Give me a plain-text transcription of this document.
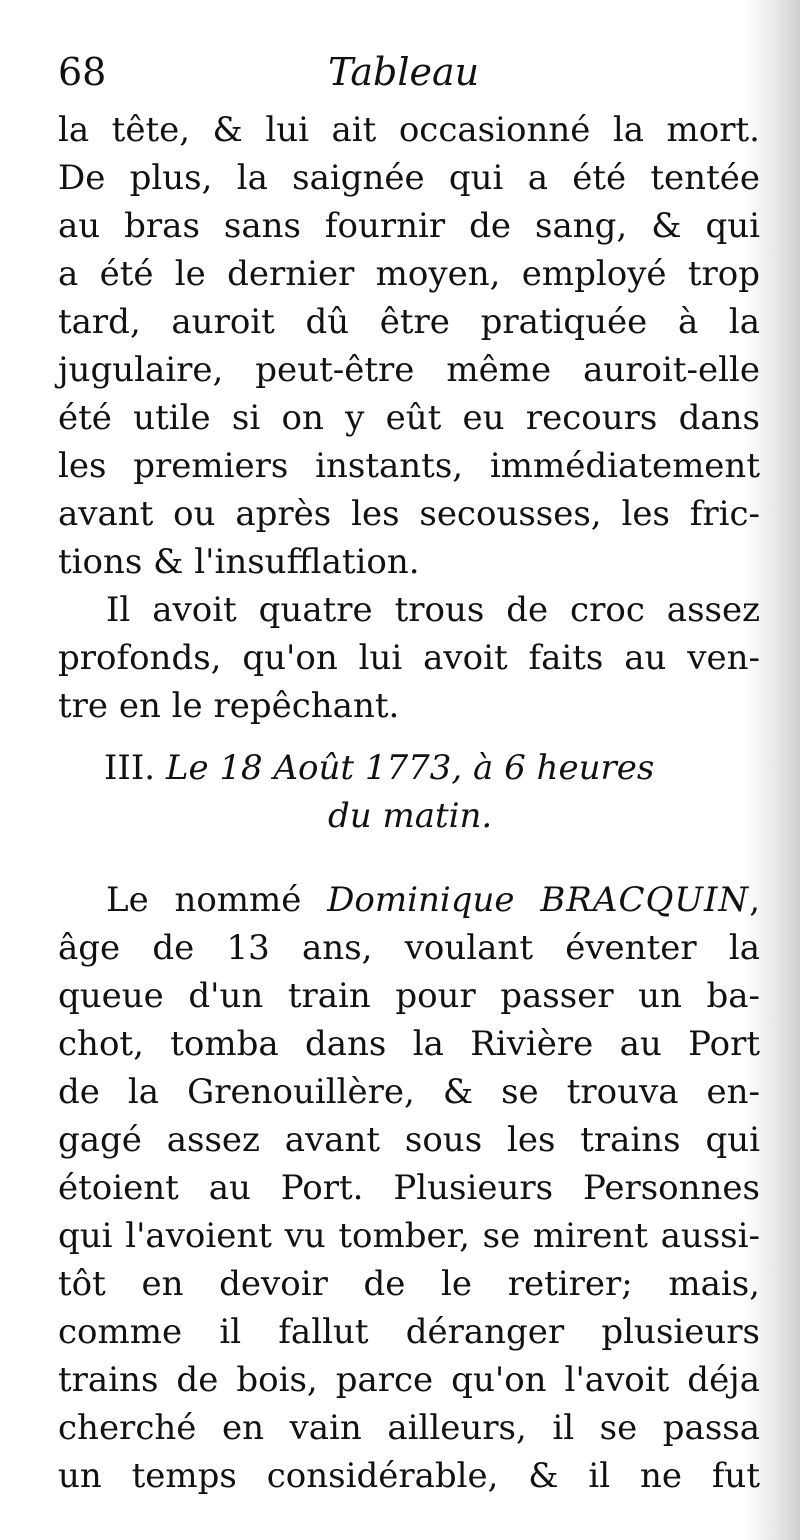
68	Tableau

la tête, & lui ait occasionné la mort.
De plus, la saignée qui a été tentée
au bras sans fournir de sang, & qui
a été le dernier moyen, employé trop
tard, auroit dû être pratiquée à la
jugulaire, peut-être même auroit-elle
été utile si on y eût eu recours dans
les premiers instants, immédiatement
avant ou après les secousses, les fric-
tions & l'insufflation.

Il avoit quatre trous de croc assez
profonds, qu'on lui avoit faits au ven-
tre en le repêchant.

III. Le 18 Août 1773, à 6 heures
du matin.

Le nommé Dominique BRACQUIN,
âge de 13 ans, voulant éventer la
queue d'un train pour passer un ba-
chot, tomba dans la Rivière au Port
de la Grenouillère, & se trouva en-
gagé assez avant sous les trains qui
étoient au Port. Plusieurs Personnes
qui l'avoient vu tomber, se mirent aussi-
tôt en devoir de le retirer; mais,
comme il fallut déranger plusieurs
trains de bois, parce qu'on l'avoit déja
cherché en vain ailleurs, il se passa
un temps considérable, & il ne fut
